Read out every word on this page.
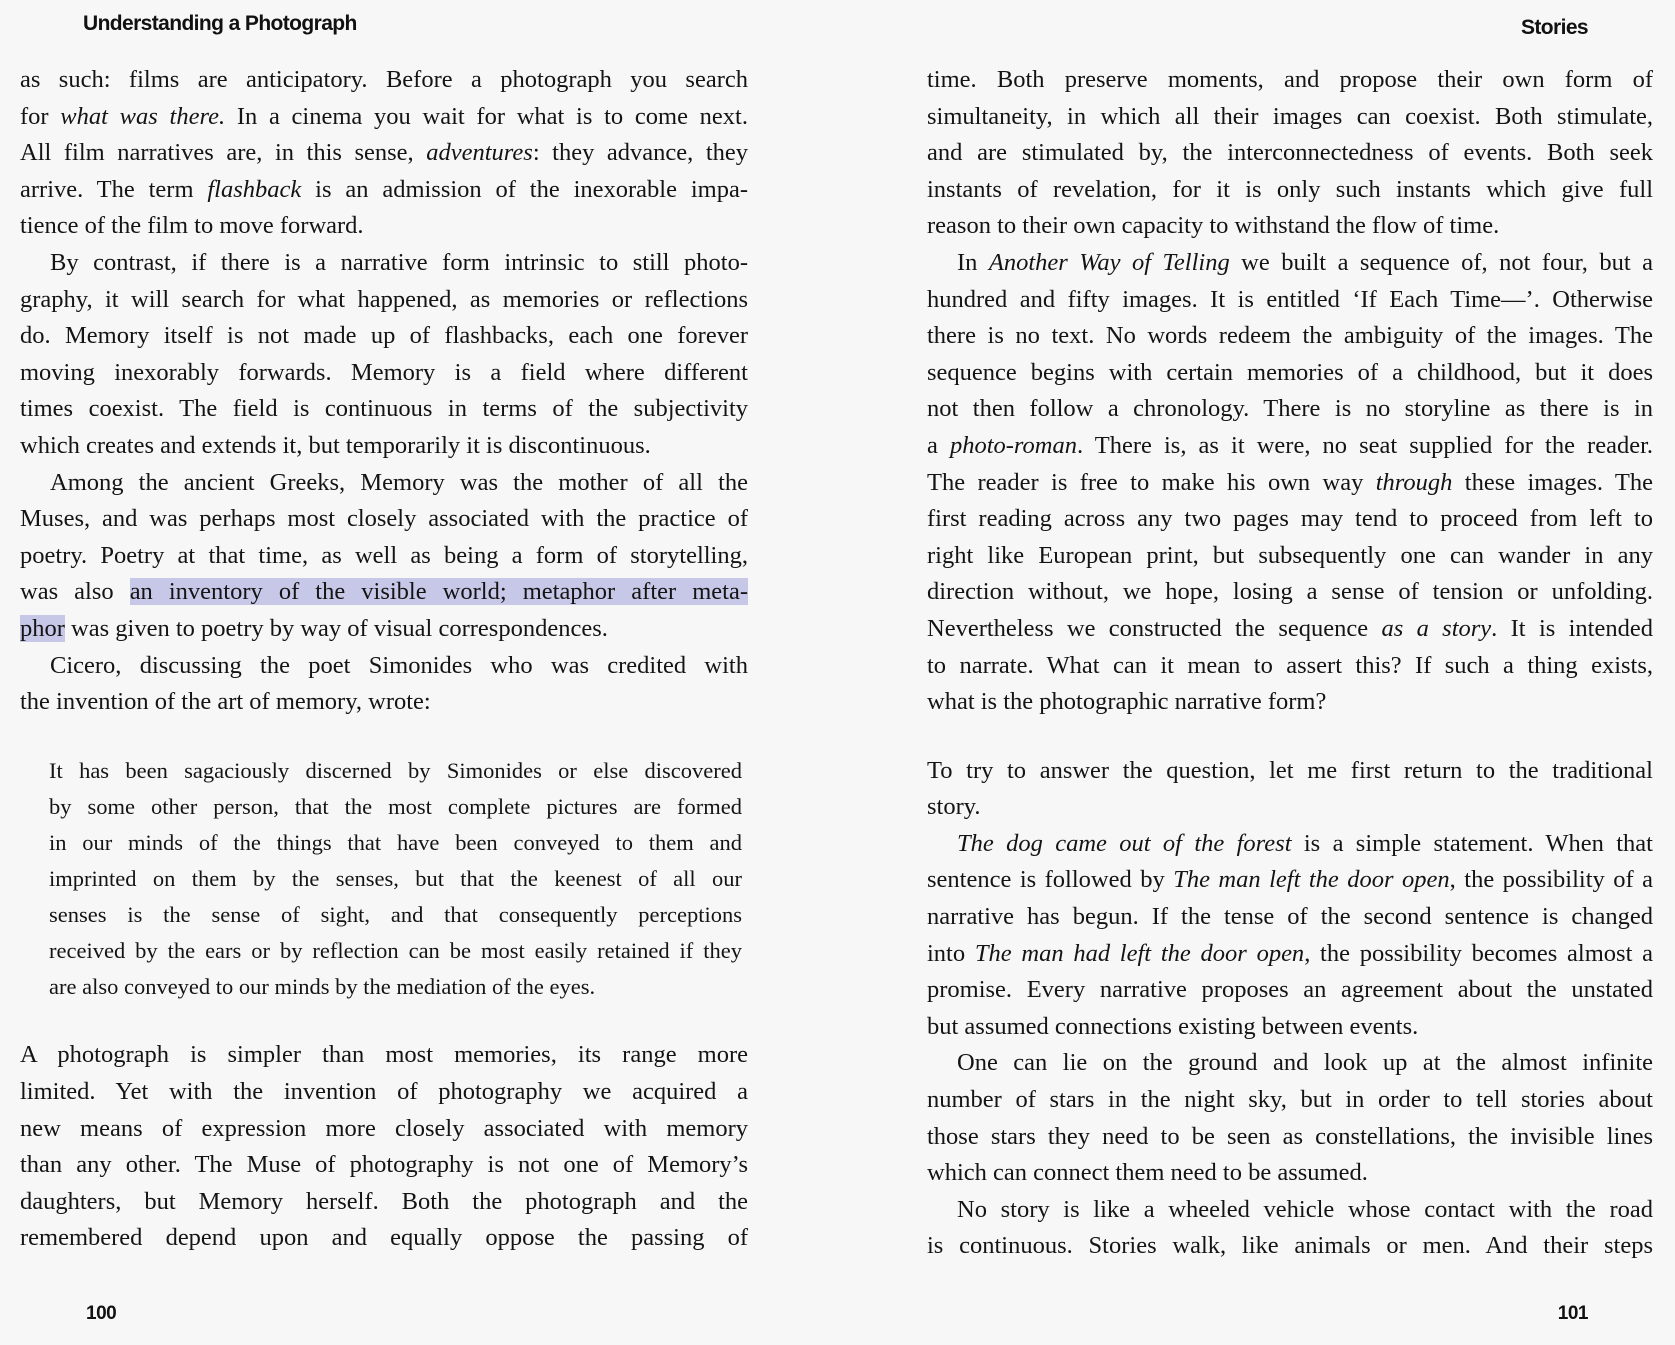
Understanding a Photograph
as such: films are anticipatory. Before a photograph you search
for what was there. In a cinema you wait for what is to come next.
All film narratives are, in this sense, adventures: they advance, they
arrive. The term flashback is an admission of the inexorable impa-
tience of the film to move forward.
By contrast, if there is a narrative form intrinsic to still photo-
graphy, it will search for what happened, as memories or reflections
do. Memory itself is not made up of flashbacks, each one forever
moving inexorably forwards. Memory is a field where different
times coexist. The field is continuous in terms of the subjectivity
which creates and extends it, but temporarily it is discontinuous.
Among the ancient Greeks, Memory was the mother of all the
Muses, and was perhaps most closely associated with the practice of
poetry. Poetry at that time, as well as being a form of storytelling,
was also an inventory of the visible world; metaphor after meta-
phor was given to poetry by way of visual correspondences.
Cicero, discussing the poet Simonides who was credited with
the invention of the art of memory, wrote:
It has been sagaciously discerned by Simonides or else discovered
by some other person, that the most complete pictures are formed
in our minds of the things that have been conveyed to them and
imprinted on them by the senses, but that the keenest of all our
senses is the sense of sight, and that consequently perceptions
received by the ears or by reflection can be most easily retained if they
are also conveyed to our minds by the mediation of the eyes.
A photograph is simpler than most memories, its range more
limited. Yet with the invention of photography we acquired a
new means of expression more closely associated with memory
than any other. The Muse of photography is not one of Memory’s
daughters, but Memory herself. Both the photograph and the
remembered depend upon and equally oppose the passing of
100
Stories
time. Both preserve moments, and propose their own form of
simultaneity, in which all their images can coexist. Both stimulate,
and are stimulated by, the interconnectedness of events. Both seek
instants of revelation, for it is only such instants which give full
reason to their own capacity to withstand the flow of time.
In Another Way of Telling we built a sequence of, not four, but a
hundred and fifty images. It is entitled ‘If Each Time—’. Otherwise
there is no text. No words redeem the ambiguity of the images. The
sequence begins with certain memories of a childhood, but it does
not then follow a chronology. There is no storyline as there is in
a photo-roman. There is, as it were, no seat supplied for the reader.
The reader is free to make his own way through these images. The
first reading across any two pages may tend to proceed from left to
right like European print, but subsequently one can wander in any
direction without, we hope, losing a sense of tension or unfolding.
Nevertheless we constructed the sequence as a story. It is intended
to narrate. What can it mean to assert this? If such a thing exists,
what is the photographic narrative form?
To try to answer the question, let me first return to the traditional
story.
The dog came out of the forest is a simple statement. When that
sentence is followed by The man left the door open, the possibility of a
narrative has begun. If the tense of the second sentence is changed
into The man had left the door open, the possibility becomes almost a
promise. Every narrative proposes an agreement about the unstated
but assumed connections existing between events.
One can lie on the ground and look up at the almost infinite
number of stars in the night sky, but in order to tell stories about
those stars they need to be seen as constellations, the invisible lines
which can connect them need to be assumed.
No story is like a wheeled vehicle whose contact with the road
is continuous. Stories walk, like animals or men. And their steps
101
